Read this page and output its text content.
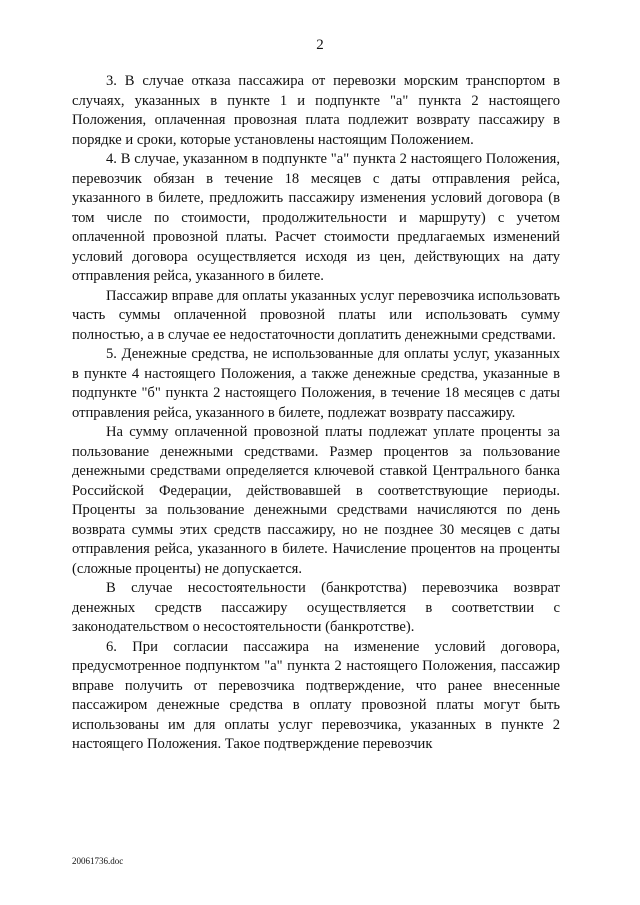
2

3. В случае отказа пассажира от перевозки морским транспортом в случаях, указанных в пункте 1 и подпункте "а" пункта 2 настоящего Положения, оплаченная провозная плата подлежит возврату пассажиру в порядке и сроки, которые установлены настоящим Положением.

4. В случае, указанном в подпункте "а" пункта 2 настоящего Положения, перевозчик обязан в течение 18 месяцев с даты отправления рейса, указанного в билете, предложить пассажиру изменения условий договора (в том числе по стоимости, продолжительности и маршруту) с учетом оплаченной провозной платы. Расчет стоимости предлагаемых изменений условий договора осуществляется исходя из цен, действующих на дату отправления рейса, указанного в билете.

Пассажир вправе для оплаты указанных услуг перевозчика использовать часть суммы оплаченной провозной платы или использовать сумму полностью, а в случае ее недостаточности доплатить денежными средствами.

5. Денежные средства, не использованные для оплаты услуг, указанных в пункте 4 настоящего Положения, а также денежные средства, указанные в подпункте "б" пункта 2 настоящего Положения, в течение 18 месяцев с даты отправления рейса, указанного в билете, подлежат возврату пассажиру.

На сумму оплаченной провозной платы подлежат уплате проценты за пользование денежными средствами. Размер процентов за пользование денежными средствами определяется ключевой ставкой Центрального банка Российской Федерации, действовавшей в соответствующие периоды. Проценты за пользование денежными средствами начисляются по день возврата суммы этих средств пассажиру, но не позднее 30 месяцев с даты отправления рейса, указанного в билете. Начисление процентов на проценты (сложные проценты) не допускается.

В случае несостоятельности (банкротства) перевозчика возврат денежных средств пассажиру осуществляется в соответствии с законодательством о несостоятельности (банкротстве).

6. При согласии пассажира на изменение условий договора, предусмотренное подпунктом "а" пункта 2 настоящего Положения, пассажир вправе получить от перевозчика подтверждение, что ранее внесенные пассажиром денежные средства в оплату провозной платы могут быть использованы им для оплаты услуг перевозчика, указанных в пункте 2 настоящего Положения. Такое подтверждение перевозчик

20061736.doc
